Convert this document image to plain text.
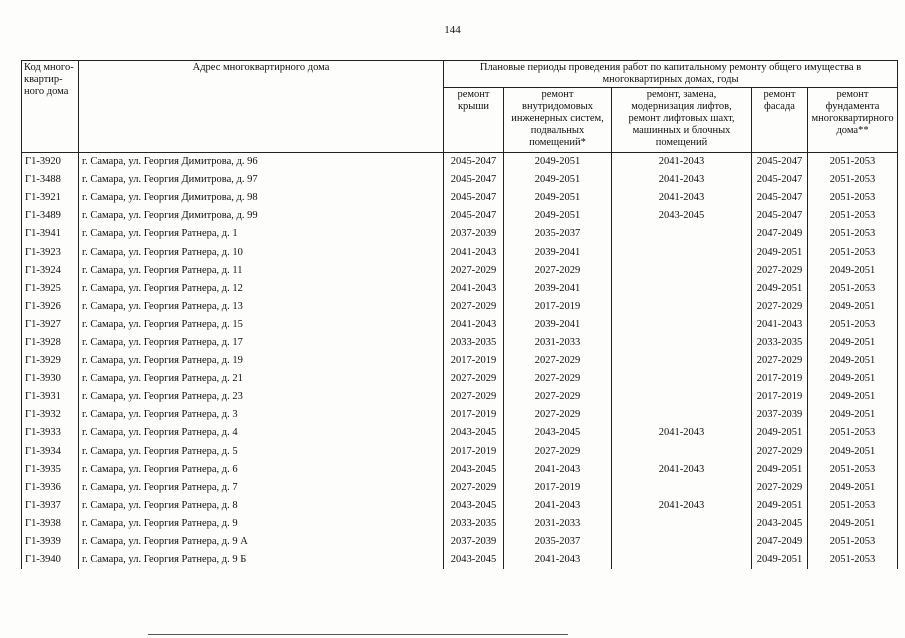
144
Код много-квартир-ного дома	Адрес многоквартирного дома	Плановые периоды проведения работ по капитальному ремонту общего имущества в многоквартирных домах, годы				
		ремонт крыши	ремонт внутридомовых инженерных систем, подвальных помещений*	ремонт, замена, модернизация лифтов, ремонт лифтовых шахт, машинных и блочных помещений	ремонт фасада	ремонт фундамента многоквартирного дома**
Г1-3920	г. Самара, ул. Георгия Димитрова, д. 96	2045-2047	2049-2051	2041-2043	2045-2047	2051-2053
Г1-3488	г. Самара, ул. Георгия Димитрова, д. 97	2045-2047	2049-2051	2041-2043	2045-2047	2051-2053
Г1-3921	г. Самара, ул. Георгия Димитрова, д. 98	2045-2047	2049-2051	2041-2043	2045-2047	2051-2053
Г1-3489	г. Самара, ул. Георгия Димитрова, д. 99	2045-2047	2049-2051	2043-2045	2045-2047	2051-2053
Г1-3941	г. Самара, ул. Георгия Ратнера, д. 1	2037-2039	2035-2037		2047-2049	2051-2053
Г1-3923	г. Самара, ул. Георгия Ратнера, д. 10	2041-2043	2039-2041		2049-2051	2051-2053
Г1-3924	г. Самара, ул. Георгия Ратнера, д. 11	2027-2029	2027-2029		2027-2029	2049-2051
Г1-3925	г. Самара, ул. Георгия Ратнера, д. 12	2041-2043	2039-2041		2049-2051	2051-2053
Г1-3926	г. Самара, ул. Георгия Ратнера, д. 13	2027-2029	2017-2019		2027-2029	2049-2051
Г1-3927	г. Самара, ул. Георгия Ратнера, д. 15	2041-2043	2039-2041		2041-2043	2051-2053
Г1-3928	г. Самара, ул. Георгия Ратнера, д. 17	2033-2035	2031-2033		2033-2035	2049-2051
Г1-3929	г. Самара, ул. Георгия Ратнера, д. 19	2017-2019	2027-2029		2027-2029	2049-2051
Г1-3930	г. Самара, ул. Георгия Ратнера, д. 21	2027-2029	2027-2029		2017-2019	2049-2051
Г1-3931	г. Самара, ул. Георгия Ратнера, д. 23	2027-2029	2027-2029		2017-2019	2049-2051
Г1-3932	г. Самара, ул. Георгия Ратнера, д. 3	2017-2019	2027-2029		2037-2039	2049-2051
Г1-3933	г. Самара, ул. Георгия Ратнера, д. 4	2043-2045	2043-2045	2041-2043	2049-2051	2051-2053
Г1-3934	г. Самара, ул. Георгия Ратнера, д. 5	2017-2019	2027-2029		2027-2029	2049-2051
Г1-3935	г. Самара, ул. Георгия Ратнера, д. 6	2043-2045	2041-2043	2041-2043	2049-2051	2051-2053
Г1-3936	г. Самара, ул. Георгия Ратнера, д. 7	2027-2029	2017-2019		2027-2029	2049-2051
Г1-3937	г. Самара, ул. Георгия Ратнера, д. 8	2043-2045	2041-2043	2041-2043	2049-2051	2051-2053
Г1-3938	г. Самара, ул. Георгия Ратнера, д. 9	2033-2035	2031-2033		2043-2045	2049-2051
Г1-3939	г. Самара, ул. Георгия Ратнера, д. 9 А	2037-2039	2035-2037		2047-2049	2051-2053
Г1-3940	г. Самара, ул. Георгия Ратнера, д. 9 Б	2043-2045	2041-2043		2049-2051	2051-2053
